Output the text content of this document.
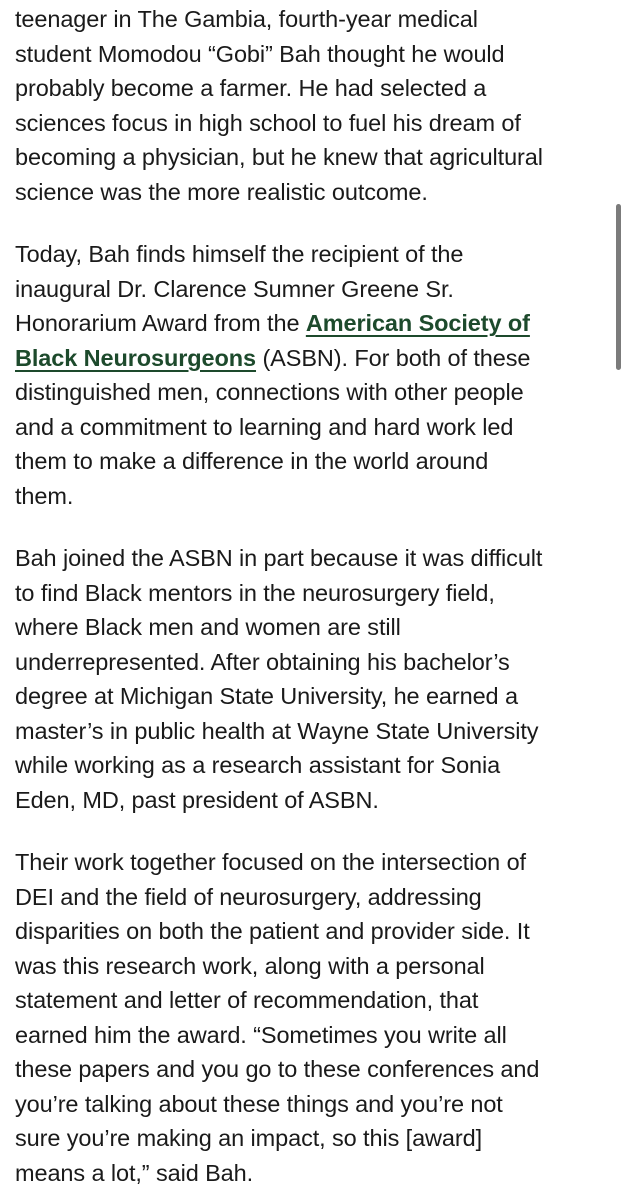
teenager in The Gambia, fourth-year medical
student Momodou “Gobi” Bah thought he would
probably become a farmer. He had selected a
sciences focus in high school to fuel his dream of
becoming a physician, but he knew that agricultural
science was the more realistic outcome.

Today, Bah finds himself the recipient of the
inaugural Dr. Clarence Sumner Greene Sr.
Honorarium Award from the American Society of
Black Neurosurgeons (ASBN). For both of these
distinguished men, connections with other people
and a commitment to learning and hard work led
them to make a difference in the world around
them.

Bah joined the ASBN in part because it was difficult
to find Black mentors in the neurosurgery field,
where Black men and women are still
underrepresented. After obtaining his bachelor’s
degree at Michigan State University, he earned a
master’s in public health at Wayne State University
while working as a research assistant for Sonia
Eden, MD, past president of ASBN.

Their work together focused on the intersection of
DEI and the field of neurosurgery, addressing
disparities on both the patient and provider side. It
was this research work, along with a personal
statement and letter of recommendation, that
earned him the award. “Sometimes you write all
these papers and you go to these conferences and
you’re talking about these things and you’re not
sure you’re making an impact, so this [award]
means a lot,” said Bah.
